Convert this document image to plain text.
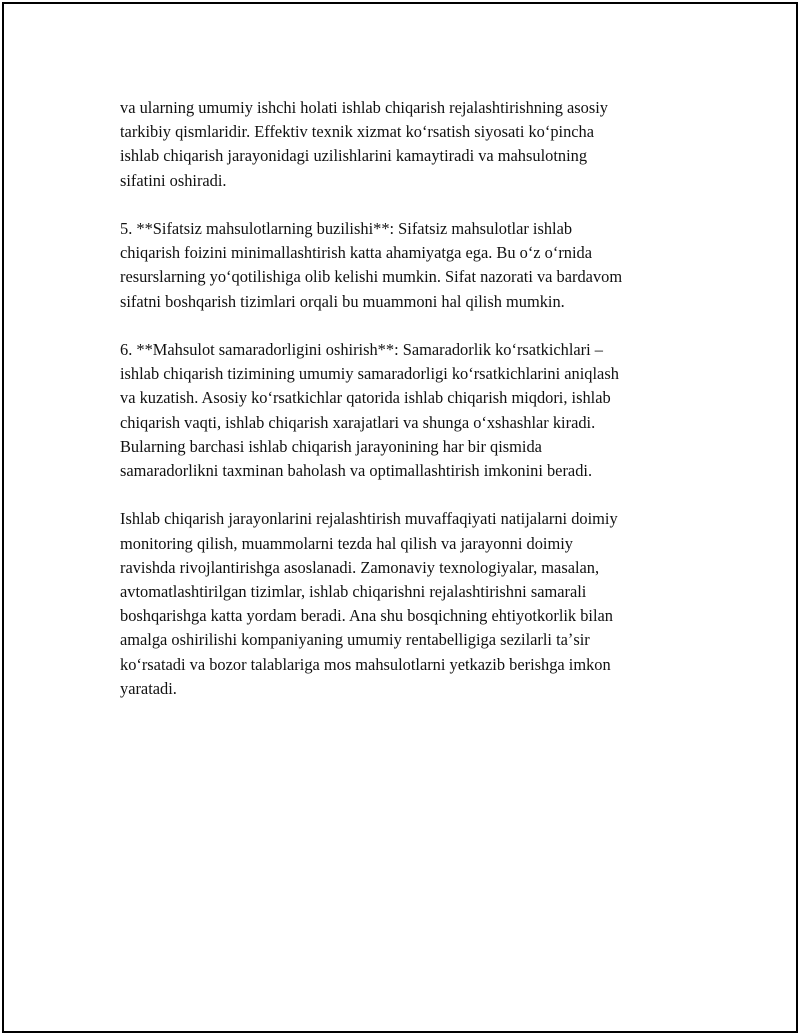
va ularning umumiy ishchi holati ishlab chiqarish rejalashtirishning asosiy
tarkibiy qismlaridir. Effektiv texnik xizmat koʻrsatish siyosati koʻpincha
ishlab chiqarish jarayonidagi uzilishlarini kamaytiradi va mahsulotning
sifatini oshiradi.

5. **Sifatsiz mahsulotlarning buzilishi**: Sifatsiz mahsulotlar ishlab
chiqarish foizini minimallashtirish katta ahamiyatga ega. Bu oʻz oʻrnida
resurslarning yoʻqotilishiga olib kelishi mumkin. Sifat nazorati va bardavom
sifatni boshqarish tizimlari orqali bu muammoni hal qilish mumkin.

6. **Mahsulot samaradorligini oshirish**: Samaradorlik koʻrsatkichlari –
ishlab chiqarish tizimining umumiy samaradorligi koʻrsatkichlarini aniqlash
va kuzatish. Asosiy koʻrsatkichlar qatorida ishlab chiqarish miqdori, ishlab
chiqarish vaqti, ishlab chiqarish xarajatlari va shunga oʻxshashlar kiradi.
Bularning barchasi ishlab chiqarish jarayonining har bir qismida
samaradorlikni taxminan baholash va optimallashtirish imkonini beradi.

Ishlab chiqarish jarayonlarini rejalashtirish muvaffaqiyati natijalarni doimiy
monitoring qilish, muammolarni tezda hal qilish va jarayonni doimiy
ravishda rivojlantirishga asoslanadi. Zamonaviy texnologiyalar, masalan,
avtomatlashtirilgan tizimlar, ishlab chiqarishni rejalashtirishni samarali
boshqarishga katta yordam beradi. Ana shu bosqichning ehtiyotkorlik bilan
amalga oshirilishi kompaniyaning umumiy rentabelligiga sezilarli taʼsir
koʻrsatadi va bozor talablariga mos mahsulotlarni yetkazib berishga imkon
yaratadi.
